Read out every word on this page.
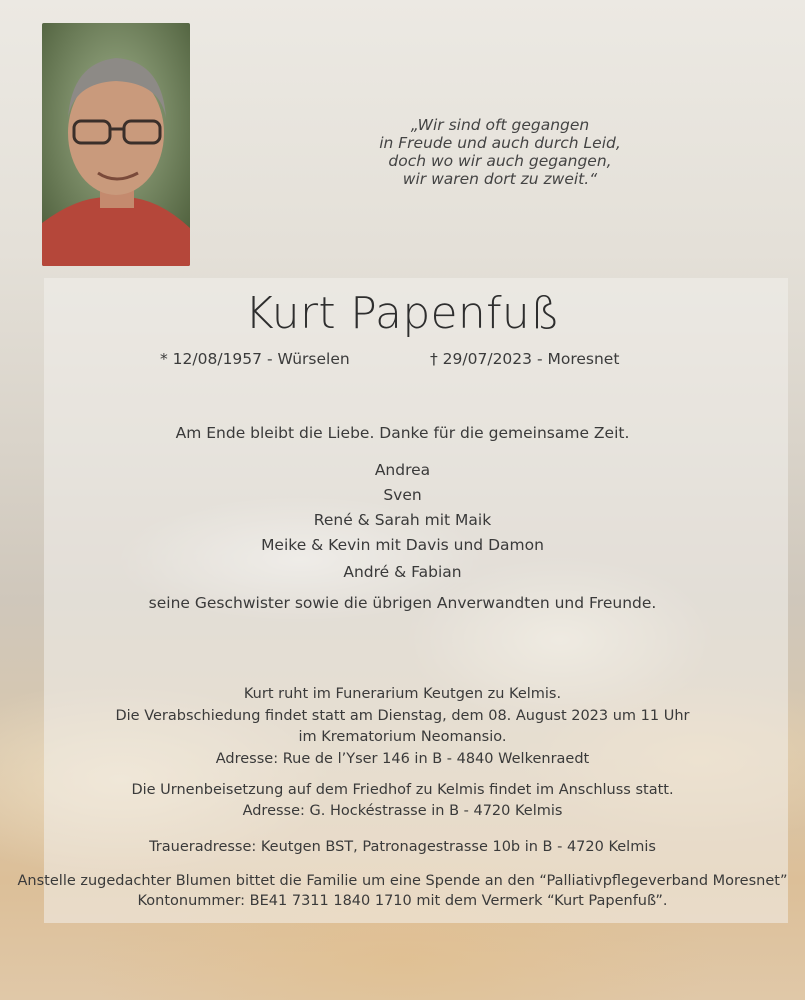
„Wir sind oft gegangen
in Freude und auch durch Leid,
doch wo wir auch gegangen,
wir waren dort zu zweit.“
Kurt Papenfuß
* 12/08/1957 - Würselen	† 29/07/2023 - Moresnet
Am Ende bleibt die Liebe. Danke für die gemeinsame Zeit.
Andrea
Sven
René & Sarah mit Maik
Meike & Kevin mit Davis und Damon
André & Fabian
seine Geschwister sowie die übrigen Anverwandten und Freunde.
Kurt ruht im Funerarium Keutgen zu Kelmis.
Die Verabschiedung findet statt am Dienstag, dem 08. August 2023 um 11 Uhr
im Krematorium Neomansio.
Adresse: Rue de l’Yser 146 in B - 4840 Welkenraedt
Die Urnenbeisetzung auf dem Friedhof zu Kelmis findet im Anschluss statt.
Adresse: G. Hockéstrasse in B - 4720 Kelmis
Traueradresse: Keutgen BST, Patronagestrasse 10b in B - 4720 Kelmis
Anstelle zugedachter Blumen bittet die Familie um eine Spende an den “Palliativpflegeverband Moresnet”
Kontonummer: BE41 7311 1840 1710 mit dem Vermerk “Kurt Papenfuß”.
